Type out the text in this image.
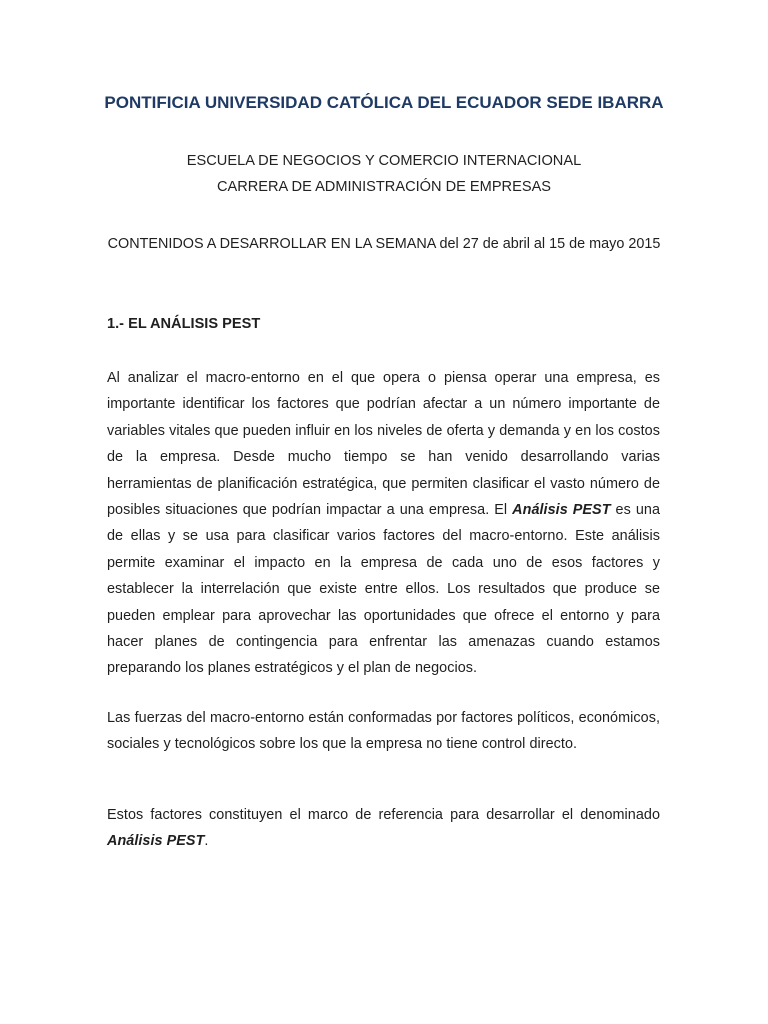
PONTIFICIA UNIVERSIDAD CATÓLICA DEL ECUADOR SEDE IBARRA

ESCUELA DE NEGOCIOS Y COMERCIO INTERNACIONAL

CARRERA DE ADMINISTRACIÓN DE EMPRESAS

CONTENIDOS A DESARROLLAR EN LA SEMANA del 27 de abril al 15 de mayo 2015

1.- EL ANÁLISIS PEST

Al analizar el macro-entorno en el que opera o piensa operar una empresa, es importante identificar los factores que podrían afectar a un número importante de variables vitales que pueden influir en los niveles de oferta y demanda y en los costos de la empresa. Desde mucho tiempo se han venido desarrollando varias herramientas de planificación estratégica, que permiten clasificar el vasto número de posibles situaciones que podrían impactar a una empresa. El Análisis PEST es una de ellas y se usa para clasificar varios factores del macro-entorno. Este análisis permite examinar el impacto en la empresa de cada uno de esos factores y establecer la interrelación que existe entre ellos. Los resultados que produce se pueden emplear para aprovechar las oportunidades que ofrece el entorno y para hacer planes de contingencia para enfrentar las amenazas cuando estamos preparando los planes estratégicos y el plan de negocios.

Las fuerzas del macro-entorno están conformadas por factores políticos, económicos, sociales y tecnológicos sobre los que la empresa no tiene control directo.

Estos factores constituyen el marco de referencia para desarrollar el denominado Análisis PEST.
